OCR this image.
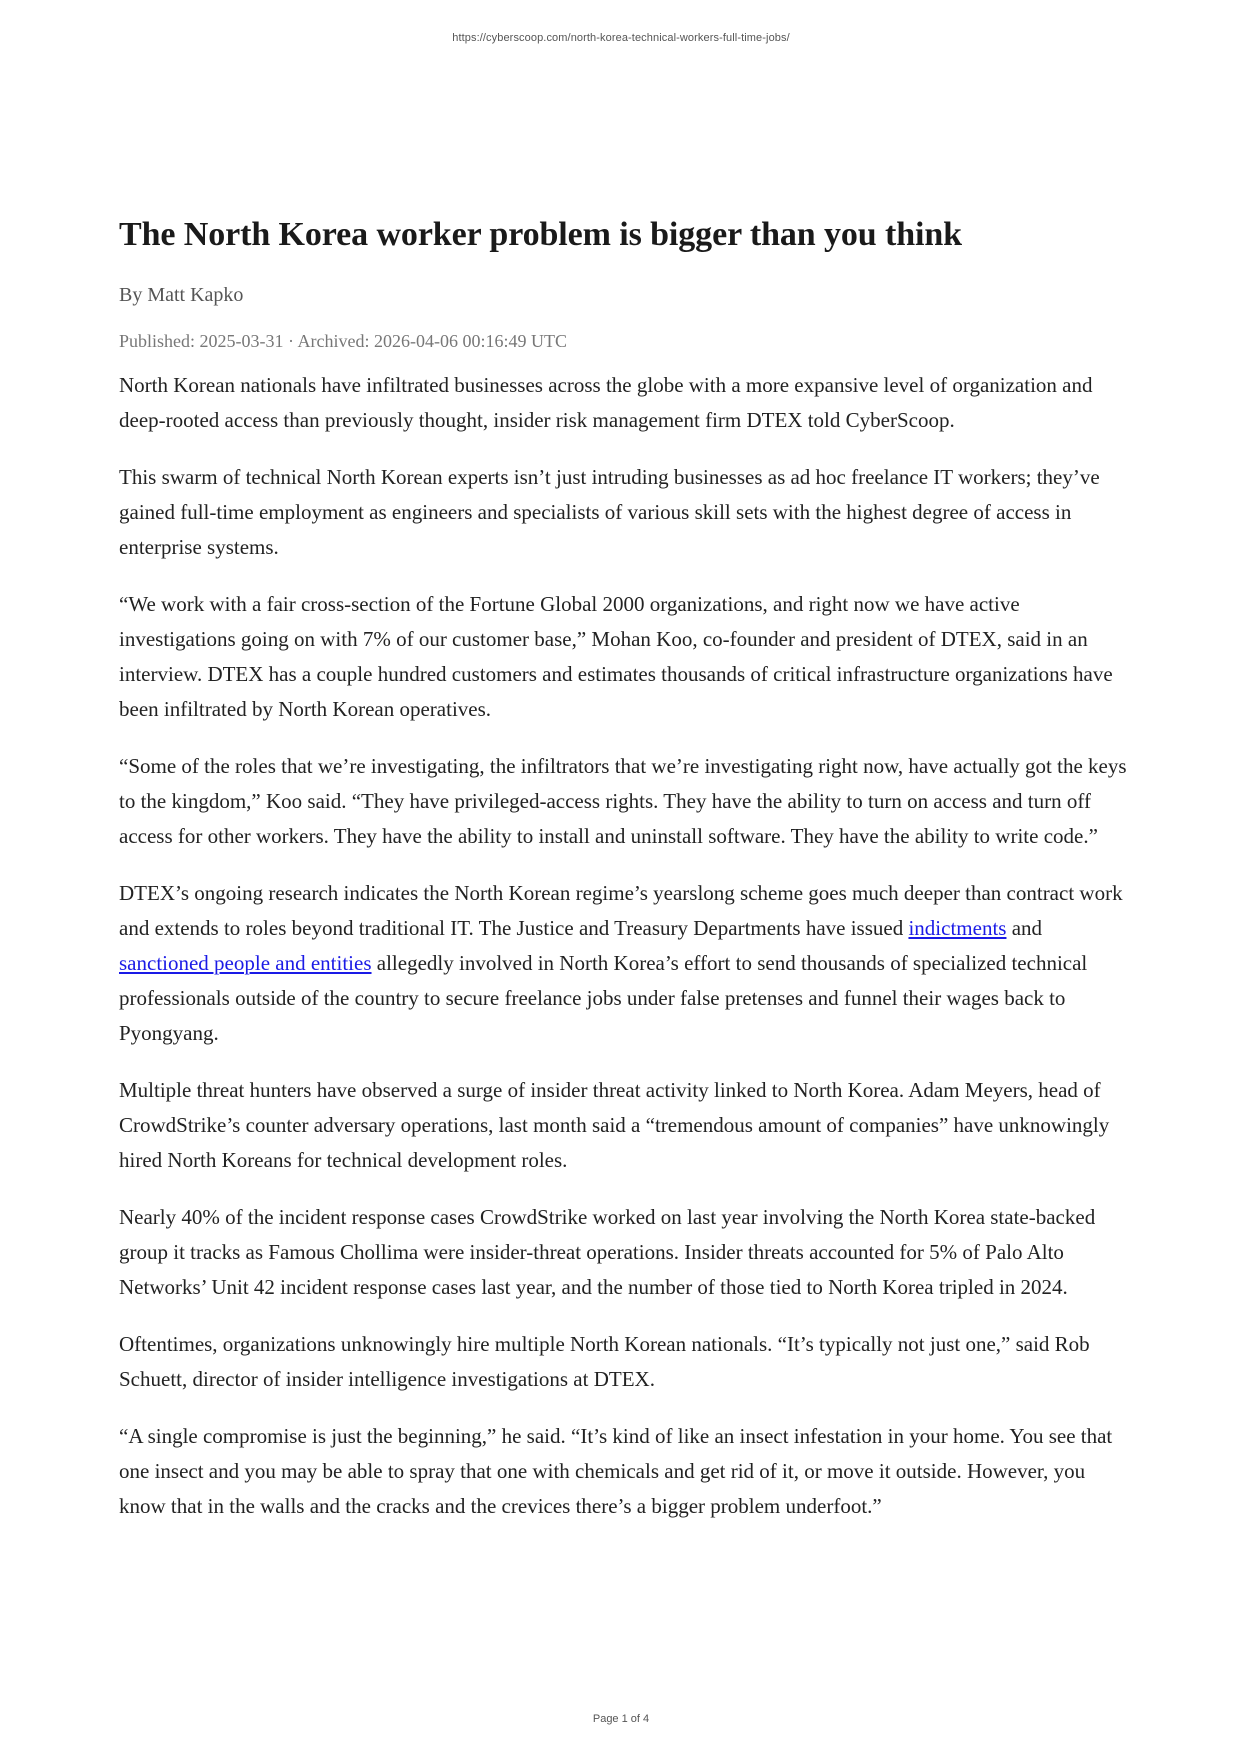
https://cyberscoop.com/north-korea-technical-workers-full-time-jobs/
The North Korea worker problem is bigger than you think
By Matt Kapko
Published: 2025-03-31 · Archived: 2026-04-06 00:16:49 UTC

North Korean nationals have infiltrated businesses across the globe with a more expansive level of organization and deep-rooted access than previously thought, insider risk management firm DTEX told CyberScoop.

This swarm of technical North Korean experts isn’t just intruding businesses as ad hoc freelance IT workers; they’ve gained full-time employment as engineers and specialists of various skill sets with the highest degree of access in enterprise systems.

“We work with a fair cross-section of the Fortune Global 2000 organizations, and right now we have active investigations going on with 7% of our customer base,” Mohan Koo, co-founder and president of DTEX, said in an interview. DTEX has a couple hundred customers and estimates thousands of critical infrastructure organizations have been infiltrated by North Korean operatives.

“Some of the roles that we’re investigating, the infiltrators that we’re investigating right now, have actually got the keys to the kingdom,” Koo said. “They have privileged-access rights. They have the ability to turn on access and turn off access for other workers. They have the ability to install and uninstall software. They have the ability to write code.”

DTEX’s ongoing research indicates the North Korean regime’s yearslong scheme goes much deeper than contract work and extends to roles beyond traditional IT. The Justice and Treasury Departments have issued indictments and sanctioned people and entities allegedly involved in North Korea’s effort to send thousands of specialized technical professionals outside of the country to secure freelance jobs under false pretenses and funnel their wages back to Pyongyang.

Multiple threat hunters have observed a surge of insider threat activity linked to North Korea. Adam Meyers, head of CrowdStrike’s counter adversary operations, last month said a “tremendous amount of companies” have unknowingly hired North Koreans for technical development roles.

Nearly 40% of the incident response cases CrowdStrike worked on last year involving the North Korea state-backed group it tracks as Famous Chollima were insider-threat operations. Insider threats accounted for 5% of Palo Alto Networks’ Unit 42 incident response cases last year, and the number of those tied to North Korea tripled in 2024.

Oftentimes, organizations unknowingly hire multiple North Korean nationals. “It’s typically not just one,” said Rob Schuett, director of insider intelligence investigations at DTEX.

“A single compromise is just the beginning,” he said. “It’s kind of like an insect infestation in your home. You see that one insect and you may be able to spray that one with chemicals and get rid of it, or move it outside. However, you know that in the walls and the cracks and the crevices there’s a bigger problem underfoot.”

Page 1 of 4
